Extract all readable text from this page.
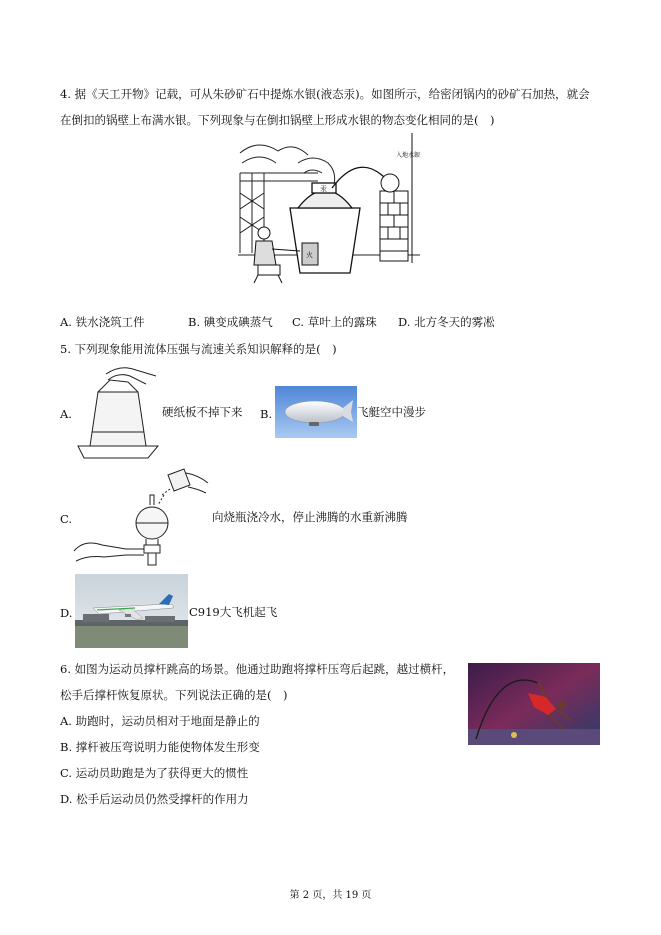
4. 据《天工开物》记载，可从朱砂矿石中提炼水银(液态汞)。如图所示，给密闭锅内的砂矿石加热，就会
在倒扣的锅壁上布满水银。下列现象与在倒扣锅壁上形成水银的物态变化相同的是(　)
入地水銀
汞
火
A. 铁水浇筑工件	B. 碘变成碘蒸气 C. 草叶上的露珠 D. 北方冬天的雾凇
5. 下列现象能用流体压强与流速关系知识解释的是(　)
A.	硬纸板不掉下来 B.	飞艇空中漫步
C.	向烧瓶浇冷水，停止沸腾的水重新沸腾
D.	C919大飞机起飞
6. 如图为运动员撑杆跳高的场景。他通过助跑将撑杆压弯后起跳，越过横杆，
松手后撑杆恢复原状。下列说法正确的是(　)
A. 助跑时，运动员相对于地面是静止的
B. 撑杆被压弯说明力能使物体发生形变
C. 运动员助跑是为了获得更大的惯性
D. 松手后运动员仍然受撑杆的作用力
第 2 页，共 19 页
